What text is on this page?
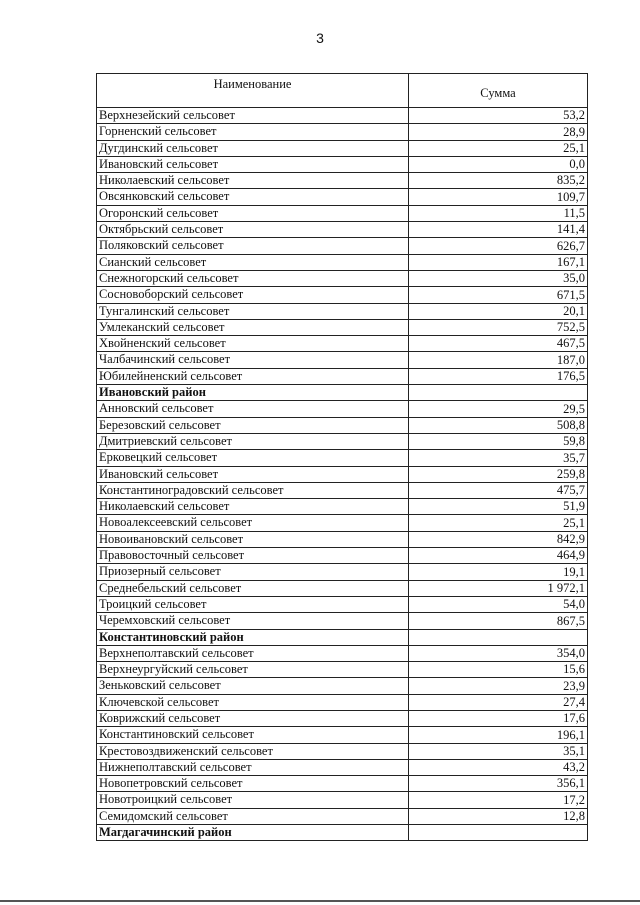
3
Наименование	Сумма
Верхнезейский сельсовет	53,2
Горненский сельсовет	28,9
Дугдинский сельсовет	25,1
Ивановский сельсовет	0,0
Николаевский сельсовет	835,2
Овсянковский сельсовет	109,7
Огоронский сельсовет	11,5
Октябрьский сельсовет	141,4
Поляковский сельсовет	626,7
Сианский сельсовет	167,1
Снежногорский сельсовет	35,0
Сосновоборский сельсовет	671,5
Тунгалинский сельсовет	20,1
Умлеканский сельсовет	752,5
Хвойненский сельсовет	467,5
Чалбачинский сельсовет	187,0
Юбилейненский сельсовет	176,5
Ивановский район	
Анновский сельсовет	29,5
Березовский сельсовет	508,8
Дмитриевский сельсовет	59,8
Ерковецкий сельсовет	35,7
Ивановский сельсовет	259,8
Константиноградовский сельсовет	475,7
Николаевский сельсовет	51,9
Новоалексеевский сельсовет	25,1
Новоивановский сельсовет	842,9
Правовосточный сельсовет	464,9
Приозерный сельсовет	19,1
Среднебельский сельсовет	1 972,1
Троицкий сельсовет	54,0
Черемховский сельсовет	867,5
Константиновский район	
Верхнеполтавский сельсовет	354,0
Верхнеургуйский сельсовет	15,6
Зеньковский сельсовет	23,9
Ключевской сельсовет	27,4
Коврижский сельсовет	17,6
Константиновский сельсовет	196,1
Крестовоздвиженский сельсовет	35,1
Нижнеполтавский сельсовет	43,2
Новопетровский сельсовет	356,1
Новотроицкий сельсовет	17,2
Семидомский сельсовет	12,8
Магдагачинский район	
